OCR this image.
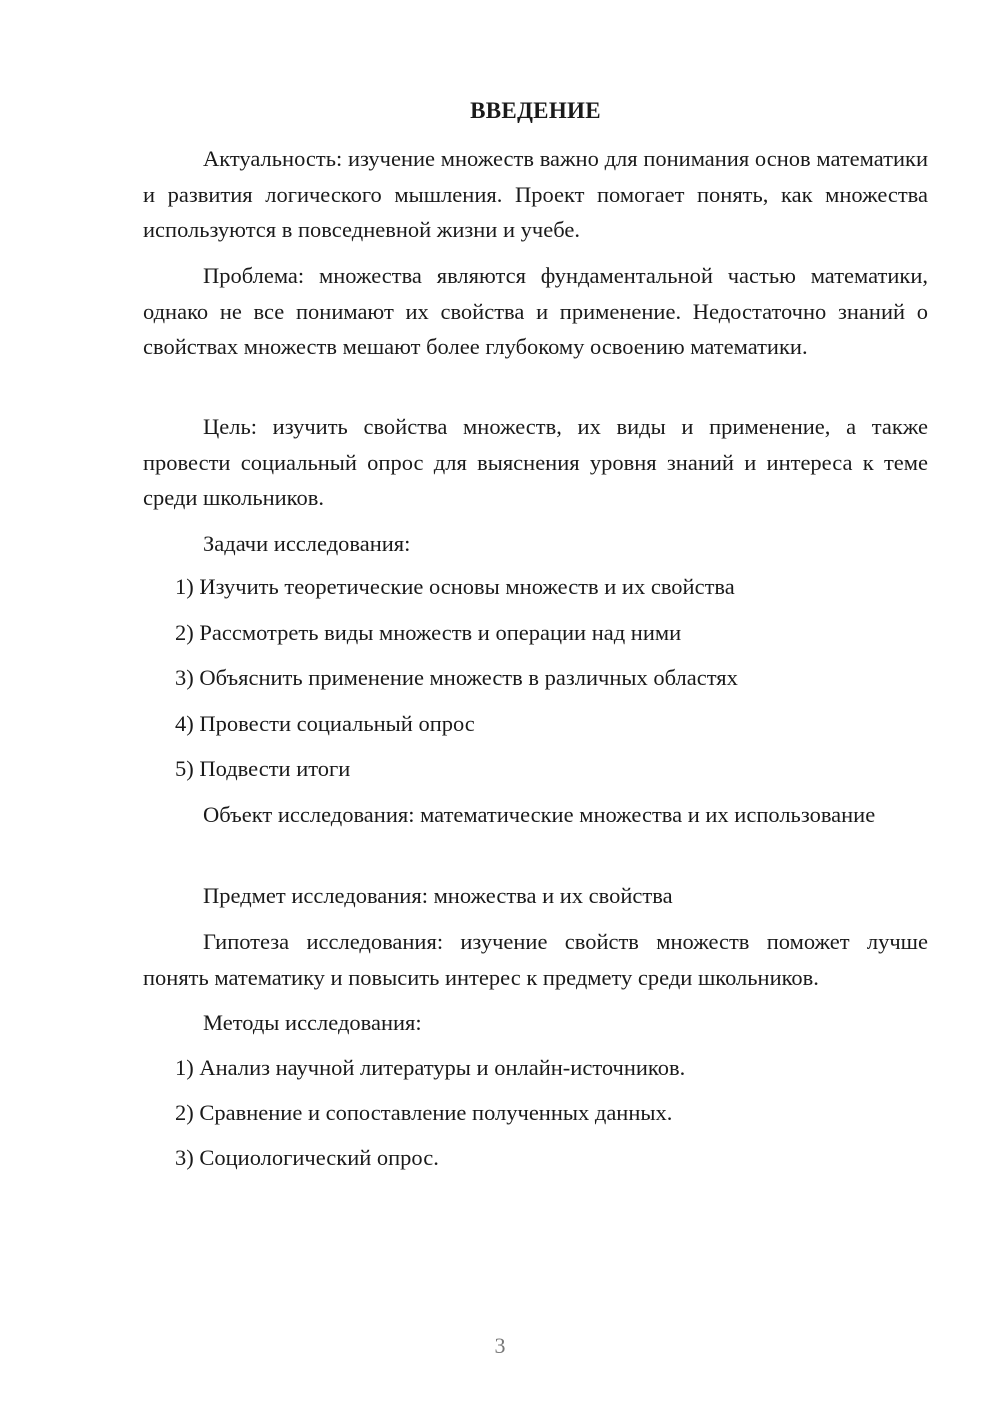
ВВЕДЕНИЕ

Актуальность: изучение множеств важно для понимания основ математики и развития логического мышления. Проект помогает понять, как множества используются в повседневной жизни и учебе.

Проблема: множества являются фундаментальной частью математики, однако не все понимают их свойства и применение. Недостаточно знаний о свойствах множеств мешают более глубокому освоению математики.

Цель: изучить свойства множеств, их виды и применение, а также провести социальный опрос для выяснения уровня знаний и интереса к теме среди школьников.

Задачи исследования:

1) Изучить теоретические основы множеств и их свойства

2) Рассмотреть виды множеств и операции над ними

3) Объяснить применение множеств в различных областях

4) Провести социальный опрос

5) Подвести итоги

Объект исследования: математические множества и их использование

Предмет исследования: множества и их свойства

Гипотеза исследования: изучение свойств множеств поможет лучше понять математику и повысить интерес к предмету среди школьников.

Методы исследования:

1) Анализ научной литературы и онлайн-источников.

2) Сравнение и сопоставление полученных данных.

3) Социологический опрос.

3
